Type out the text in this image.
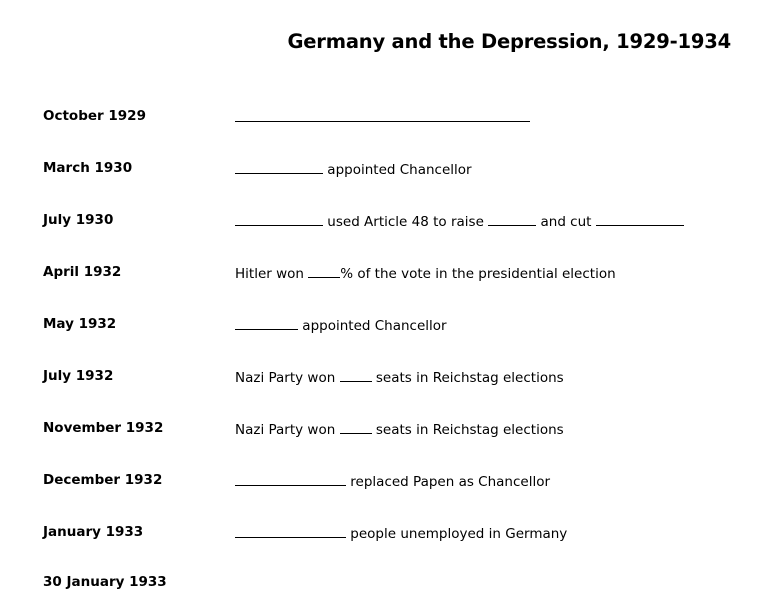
Germany and the Depression, 1929-1934
October 1929
March 1930	appointed Chancellor
July 1930	used Article 48 to raise	and cut
April 1932	Hitler won	% of the vote in the presidential election
May 1932	appointed Chancellor
July 1932	Nazi Party won	seats in Reichstag elections
November 1932	Nazi Party won	seats in Reichstag elections
December 1932	replaced Papen as Chancellor
January 1933	people unemployed in Germany
30 January 1933
